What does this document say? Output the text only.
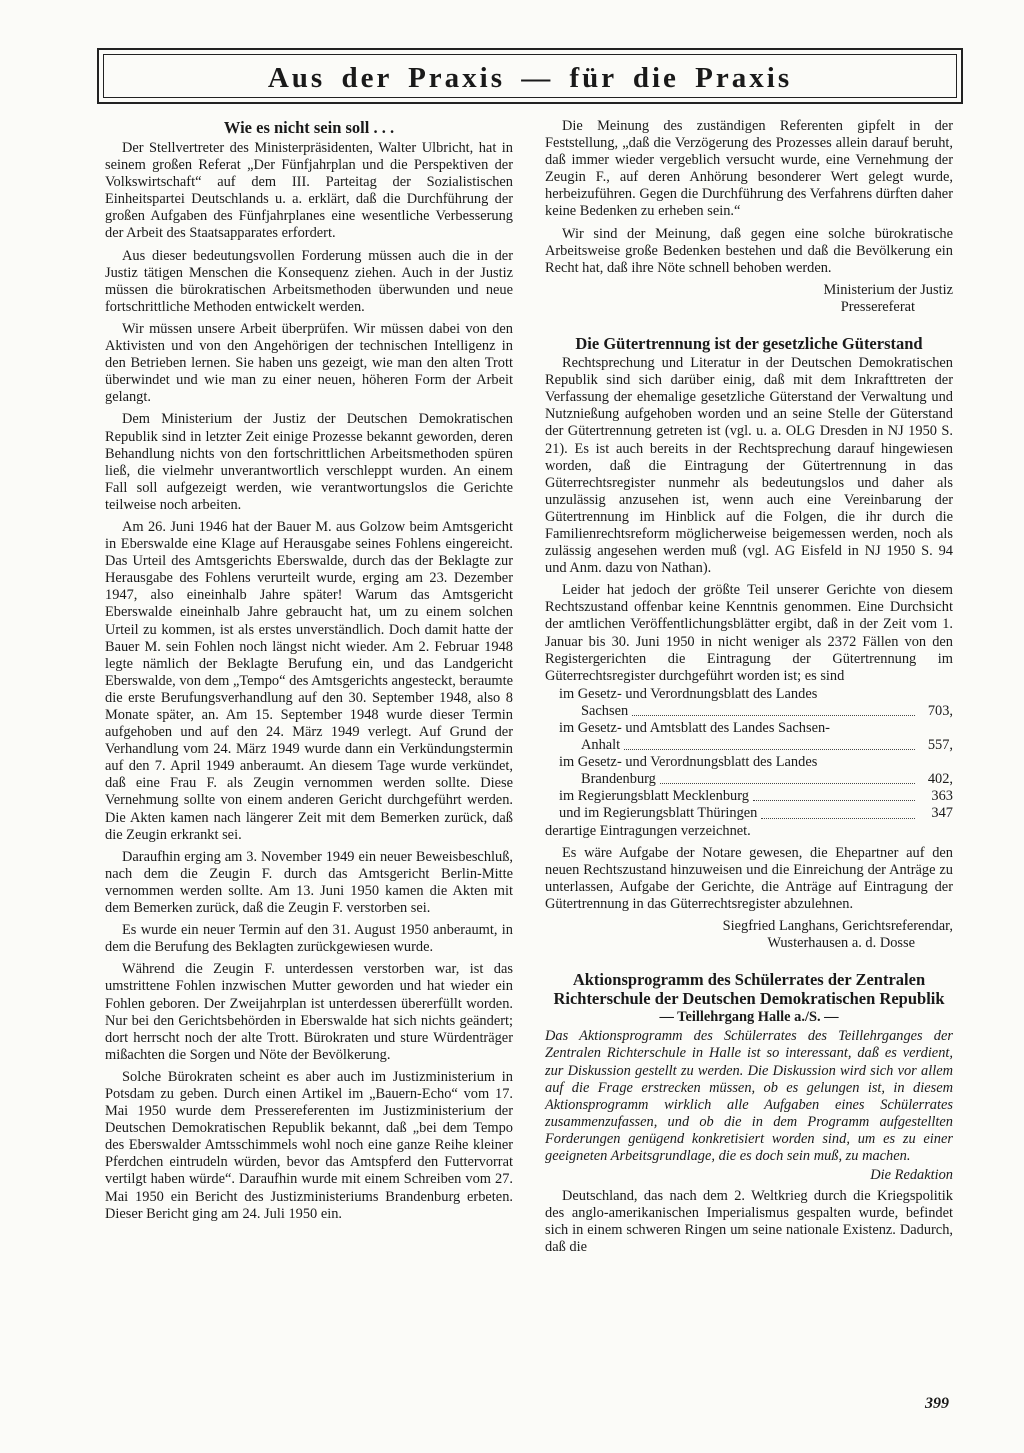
Aus der Praxis — für die Praxis
Wie es nicht sein soll . . .

Der Stellvertreter des Ministerpräsidenten, Walter Ulbricht, hat in seinem großen Referat „Der Fünfjahrplan und die Perspektiven der Volkswirtschaft“ auf dem III. Parteitag der Sozialistischen Einheitspartei Deutschlands u. a. erklärt, daß die Durchführung der großen Aufgaben des Fünfjahrplanes eine wesentliche Verbesserung der Arbeit des Staatsapparates erfordert.

Aus dieser bedeutungsvollen Forderung müssen auch die in der Justiz tätigen Menschen die Konsequenz ziehen. Auch in der Justiz müssen die bürokratischen Arbeitsmethoden überwunden und neue fortschrittliche Methoden entwickelt werden.

Wir müssen unsere Arbeit überprüfen. Wir müssen dabei von den Aktivisten und von den Angehörigen der technischen Intelligenz in den Betrieben lernen. Sie haben uns gezeigt, wie man den alten Trott überwindet und wie man zu einer neuen, höheren Form der Arbeit gelangt.

Dem Ministerium der Justiz der Deutschen Demokratischen Republik sind in letzter Zeit einige Prozesse bekannt geworden, deren Behandlung nichts von den fortschrittlichen Arbeitsmethoden spüren ließ, die vielmehr unverantwortlich verschleppt wurden. An einem Fall soll aufgezeigt werden, wie verantwortungslos die Gerichte teilweise noch arbeiten.

Am 26. Juni 1946 hat der Bauer M. aus Golzow beim Amtsgericht in Eberswalde eine Klage auf Herausgabe seines Fohlens eingereicht. Das Urteil des Amtsgerichts Eberswalde, durch das der Beklagte zur Herausgabe des Fohlens verurteilt wurde, erging am 23. Dezember 1947, also eineinhalb Jahre später! Warum das Amtsgericht Eberswalde eineinhalb Jahre gebraucht hat, um zu einem solchen Urteil zu kommen, ist als erstes unverständlich. Doch damit hatte der Bauer M. sein Fohlen noch längst nicht wieder. Am 2. Februar 1948 legte nämlich der Beklagte Berufung ein, und das Landgericht Eberswalde, von dem „Tempo“ des Amtsgerichts angesteckt, beraumte die erste Berufungsverhandlung auf den 30. September 1948, also 8 Monate später, an. Am 15. September 1948 wurde dieser Termin aufgehoben und auf den 24. März 1949 verlegt. Auf Grund der Verhandlung vom 24. März 1949 wurde dann ein Verkündungstermin auf den 7. April 1949 anberaumt. An diesem Tage wurde verkündet, daß eine Frau F. als Zeugin vernommen werden sollte. Diese Vernehmung sollte von einem anderen Gericht durchgeführt werden. Die Akten kamen nach längerer Zeit mit dem Bemerken zurück, daß die Zeugin erkrankt sei.

Daraufhin erging am 3. November 1949 ein neuer Beweisbeschluß, nach dem die Zeugin F. durch das Amtsgericht Berlin-Mitte vernommen werden sollte. Am 13. Juni 1950 kamen die Akten mit dem Bemerken zurück, daß die Zeugin F. verstorben sei.

Es wurde ein neuer Termin auf den 31. August 1950 anberaumt, in dem die Berufung des Beklagten zurückgewiesen wurde.

Während die Zeugin F. unterdessen verstorben war, ist das umstrittene Fohlen inzwischen Mutter geworden und hat wieder ein Fohlen geboren. Der Zweijahrplan ist unterdessen übererfüllt worden. Nur bei den Gerichtsbehörden in Eberswalde hat sich nichts geändert; dort herrscht noch der alte Trott. Bürokraten und sture Würdenträger mißachten die Sorgen und Nöte der Bevölkerung.

Solche Bürokraten scheint es aber auch im Justizministerium in Potsdam zu geben. Durch einen Artikel im „Bauern-Echo“ vom 17. Mai 1950 wurde dem Pressereferenten im Justizministerium der Deutschen Demokratischen Republik bekannt, daß „bei dem Tempo des Eberswalder Amtsschimmels wohl noch eine ganze Reihe kleiner Pferdchen eintrudeln würden, bevor das Amtspferd den Futtervorrat vertilgt haben würde“. Daraufhin wurde mit einem Schreiben vom 27. Mai 1950 ein Bericht des Justizministeriums Brandenburg erbeten. Dieser Bericht ging am 24. Juli 1950 ein.

Die Meinung des zuständigen Referenten gipfelt in der Feststellung, „daß die Verzögerung des Prozesses allein darauf beruht, daß immer wieder vergeblich versucht wurde, eine Vernehmung der Zeugin F., auf deren Anhörung besonderer Wert gelegt wurde, herbeizuführen. Gegen die Durchführung des Verfahrens dürften daher keine Bedenken zu erheben sein.“

Wir sind der Meinung, daß gegen eine solche bürokratische Arbeitsweise große Bedenken bestehen und daß die Bevölkerung ein Recht hat, daß ihre Nöte schnell behoben werden.

Ministerium der Justiz

Pressereferat

Die Gütertrennung ist der gesetzliche Güterstand

Rechtsprechung und Literatur in der Deutschen Demokratischen Republik sind sich darüber einig, daß mit dem Inkrafttreten der Verfassung der ehemalige gesetzliche Güterstand der Verwaltung und Nutznießung aufgehoben worden und an seine Stelle der Güterstand der Gütertrennung getreten ist (vgl. u. a. OLG Dresden in NJ 1950 S. 21). Es ist auch bereits in der Rechtsprechung darauf hingewiesen worden, daß die Eintragung der Gütertrennung in das Güterrechtsregister nunmehr als bedeutungslos und daher als unzulässig anzusehen ist, wenn auch eine Vereinbarung der Gütertrennung im Hinblick auf die Folgen, die ihr durch die Familienrechtsreform möglicherweise beigemessen werden, noch als zulässig angesehen werden muß (vgl. AG Eisfeld in NJ 1950 S. 94 und Anm. dazu von Nathan).

Leider hat jedoch der größte Teil unserer Gerichte von diesem Rechtszustand offenbar keine Kenntnis genommen. Eine Durchsicht der amtlichen Veröffentlichungsblätter ergibt, daß in der Zeit vom 1. Januar bis 30. Juni 1950 in nicht weniger als 2372 Fällen von den Registergerichten die Eintragung der Gütertrennung im Güterrechtsregister durchgeführt worden ist; es sind

im Gesetz- und Verordnungsblatt des Landes
Sachsen	703,
im Gesetz- und Amtsblatt des Landes Sachsen-
Anhalt	557,
im Gesetz- und Verordnungsblatt des Landes
Brandenburg	402,
im Regierungsblatt Mecklenburg	363
und im Regierungsblatt Thüringen	347

derartige Eintragungen verzeichnet.

Es wäre Aufgabe der Notare gewesen, die Ehepartner auf den neuen Rechtszustand hinzuweisen und die Einreichung der Anträge zu unterlassen, Aufgabe der Gerichte, die Anträge auf Eintragung der Gütertrennung in das Güterrechtsregister abzulehnen.

Siegfried Langhans, Gerichtsreferendar,

Wusterhausen a. d. Dosse

Aktionsprogramm des Schülerrates der Zentralen Richterschule der Deutschen Demokratischen Republik
— Teillehrgang Halle a./S. —

Das Aktionsprogramm des Schülerrates des Teillehrganges der Zentralen Richterschule in Halle ist so interessant, daß es verdient, zur Diskussion gestellt zu werden. Die Diskussion wird sich vor allem auf die Frage erstrecken müssen, ob es gelungen ist, in diesem Aktionsprogramm wirklich alle Aufgaben eines Schülerrates zusammenzufassen, und ob die in dem Programm aufgestellten Forderungen genügend konkretisiert worden sind, um es zu einer geeigneten Arbeitsgrundlage, die es doch sein muß, zu machen.

Die Redaktion

Deutschland, das nach dem 2. Weltkrieg durch die Kriegspolitik des anglo-amerikanischen Imperialismus gespalten wurde, befindet sich in einem schweren Ringen um seine nationale Existenz. Dadurch, daß die

399
